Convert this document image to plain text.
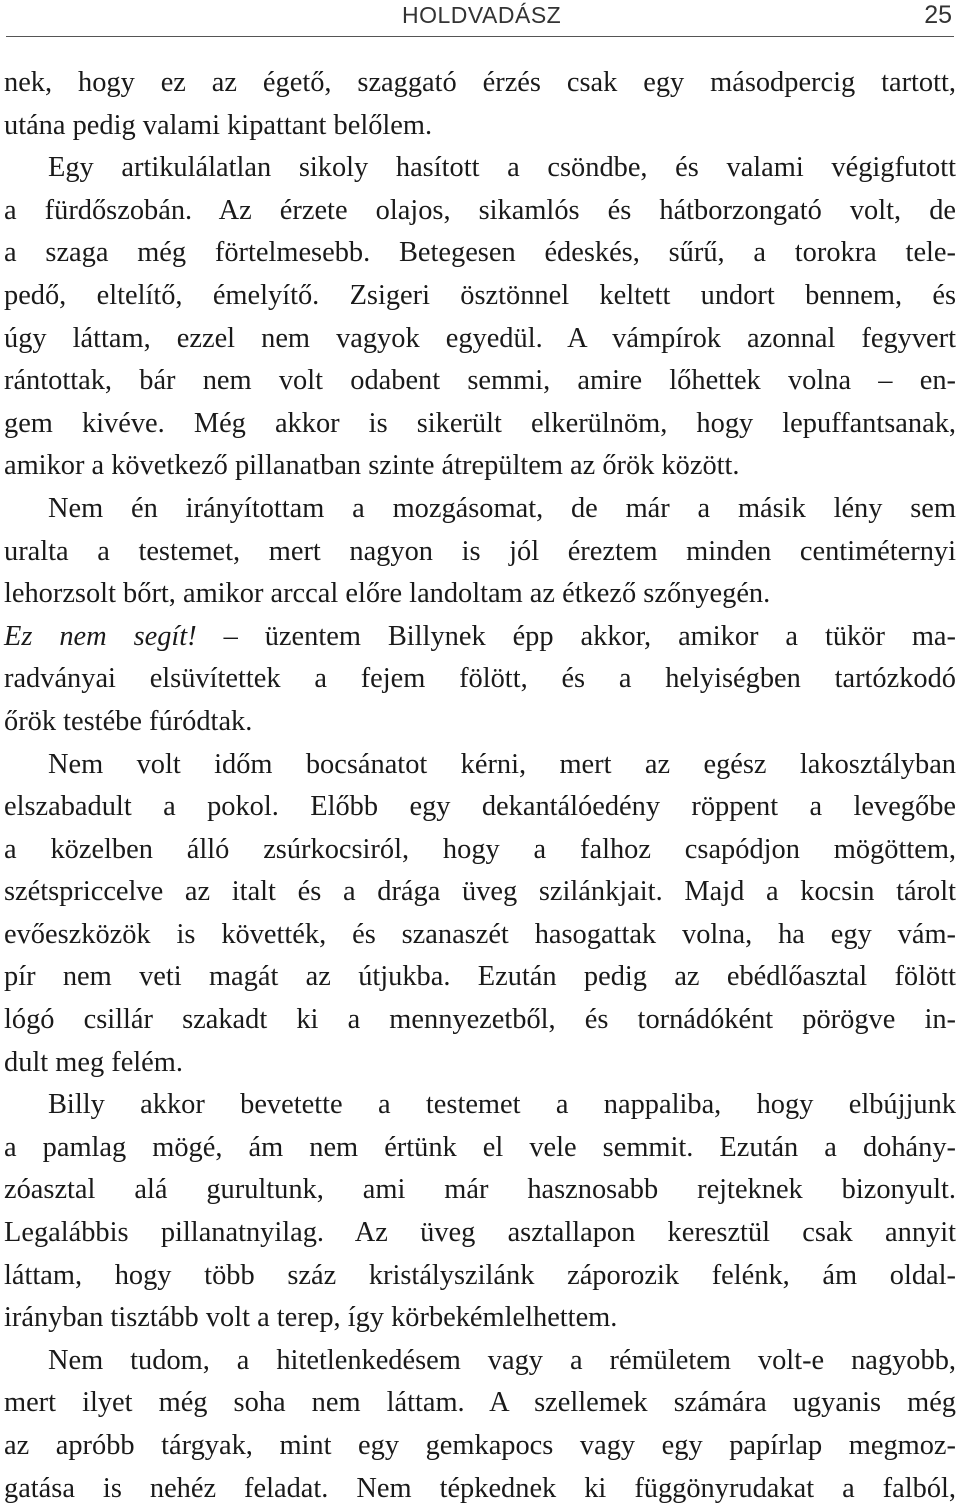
HOLDVADÁSZ	25

nek, hogy ez az égető, szaggató érzés csak egy másodpercig tartott,

utána pedig valami kipattant belőlem.

Egy artikulálatlan sikoly hasított a csöndbe, és valami végigfutott

a fürdőszobán. Az érzete olajos, sikamlós és hátborzongató volt, de

a szaga még förtelmesebb. Betegesen édeskés, sűrű, a torokra tele-

pedő, eltelítő, émelyítő. Zsigeri ösztönnel keltett undort bennem, és

úgy láttam, ezzel nem vagyok egyedül. A vámpírok azonnal fegyvert

rántottak, bár nem volt odabent semmi, amire lőhettek volna – en-

gem kivéve. Még akkor is sikerült elkerülnöm, hogy lepuffantsanak,

amikor a következő pillanatban szinte átrepültem az őrök között.

Nem én irányítottam a mozgásomat, de már a másik lény sem

uralta a testemet, mert nagyon is jól éreztem minden centiméternyi

lehorzsolt bőrt, amikor arccal előre landoltam az étkező szőnyegén.

Ez nem segít! – üzentem Billynek épp akkor, amikor a tükör ma-

radványai elsüvítettek a fejem fölött, és a helyiségben tartózkodó

őrök testébe fúródtak.

Nem volt időm bocsánatot kérni, mert az egész lakosztályban

elszabadult a pokol. Előbb egy dekantálóedény röppent a levegőbe

a közelben álló zsúrkocsiról, hogy a falhoz csapódjon mögöttem,

szétspriccelve az italt és a drága üveg szilánkjait. Majd a kocsin tárolt

evőeszközök is követték, és szanaszét hasogattak volna, ha egy vám-

pír nem veti magát az útjukba. Ezután pedig az ebédlőasztal fölött

lógó csillár szakadt ki a mennyezetből, és tornádóként pörögve in-

dult meg felém.

Billy akkor bevetette a testemet a nappaliba, hogy elbújjunk

a pamlag mögé, ám nem értünk el vele semmit. Ezután a dohány-

zóasztal alá gurultunk, ami már hasznosabb rejteknek bizonyult.

Legalábbis pillanatnyilag. Az üveg asztallapon keresztül csak annyit

láttam, hogy több száz kristályszilánk záporozik felénk, ám oldal-

irányban tisztább volt a terep, így körbekémlelhettem.

Nem tudom, a hitetlenkedésem vagy a rémületem volt-e nagyobb,

mert ilyet még soha nem láttam. A szellemek számára ugyanis még

az apróbb tárgyak, mint egy gemkapocs vagy egy papírlap megmoz-

gatása is nehéz feladat. Nem tépkednek ki függönyrudakat a falból,
